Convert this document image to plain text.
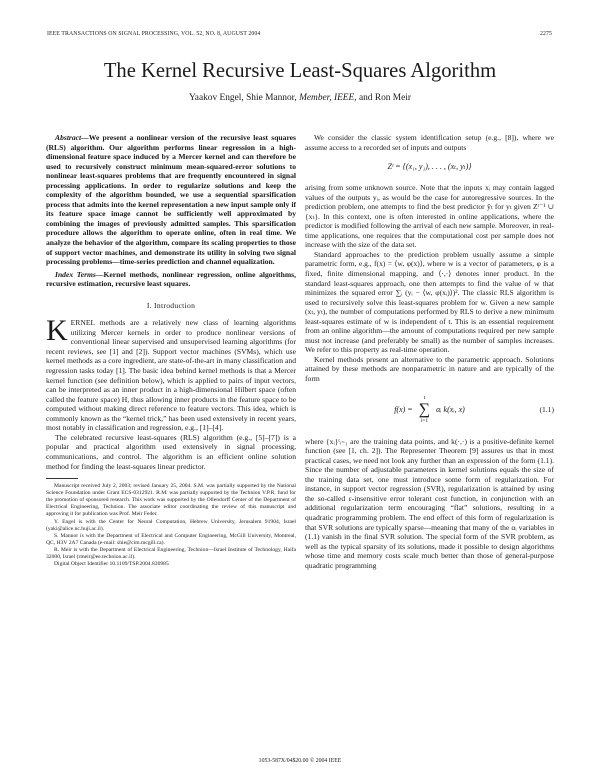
IEEE TRANSACTIONS ON SIGNAL PROCESSING, VOL. 52, NO. 8, AUGUST 2004	2275
The Kernel Recursive Least-Squares Algorithm
Yaakov Engel, Shie Mannor, Member, IEEE, and Ron Meir

Abstract—We present a nonlinear version of the recursive least squares (RLS) algorithm. Our algorithm performs linear regression in a high-dimensional feature space induced by a Mercer kernel and can therefore be used to recursively construct minimum mean-squared-error solutions to nonlinear least-squares problems that are frequently encountered in signal processing applications. In order to regularize solutions and keep the complexity of the algorithm bounded, we use a sequential sparsification process that admits into the kernel representation a new input sample only if its feature space image cannot be sufficiently well approximated by combining the images of previously admitted samples. This sparsification procedure allows the algorithm to operate online, often in real time. We analyze the behavior of the algorithm, compare its scaling properties to those of support vector machines, and demonstrate its utility in solving two signal processing problems—time-series prediction and channel equalization.

Index Terms—Kernel methods, nonlinear regression, online algorithms, recursive estimation, recursive least squares.

I. Introduction

KERNEL methods are a relatively new class of learning algorithms utilizing Mercer kernels in order to produce nonlinear versions of conventional linear supervised and unsupervised learning algorithms (for recent reviews, see [1] and [2]). Support vector machines (SVMs), which use kernel methods as a core ingredient, are state-of-the-art in many classification and regression tasks today [1]. The basic idea behind kernel methods is that a Mercer kernel function (see definition below), which is applied to pairs of input vectors, can be interpreted as an inner product in a high-dimensional Hilbert space (often called the feature space) H, thus allowing inner products in the feature space to be computed without making direct reference to feature vectors. This idea, which is commonly known as the “kernel trick,” has been used extensively in recent years, most notably in classification and regression, e.g., [1]–[4].

The celebrated recursive least-squares (RLS) algorithm (e.g., [5]–[7]) is a popular and practical algorithm used extensively in signal processing, communications, and control. The algorithm is an efficient online solution method for finding the least-squares linear predictor.

Manuscript received July 2, 2003; revised January 25, 2004. S.M. was partially supported by the National Science Foundation under Grant ECS-0312921. R.M. was partially supported by the Technion V.P.R. fund for the promotion of sponsored research. This work was supported by the Ollendorff Center of the Department of Electrical Engineering, Technion. The associate editor coordinating the review of this manuscript and approving it for publication was Prof. Meir Feder.

Y. Engel is with the Center for Neural Computation, Hebrew University, Jerusalem 91904, Israel (yaki@alice.nc.huji.ac.il).

S. Mannor is with the Department of Electrical and Computer Engineering, McGill University, Montreal, QC, H3V 2A7 Canada (e-mail: shie@cim.mcgill.ca).

R. Meir is with the Department of Electrical Engineering, Technion—Israel Institute of Technology, Haifa 32000, Israel (rmeir@ee.technion.ac.il).

Digital Object Identifier 10.1109/TSP.2004.830985

We consider the classic system identification setup (e.g., [8]), where we assume access to a recorded set of inputs and outputs

Zᵗ = {(x₁, y₁), . . . , (xₜ, yₜ)}

arising from some unknown source. Note that the inputs xᵢ may contain lagged values of the outputs yᵢ, as would be the case for autoregressive sources. In the prediction problem, one attempts to find the best predictor ŷₜ for yₜ given Zᵗ⁻¹ ∪ {xₜ}. In this context, one is often interested in online applications, where the predictor is modified following the arrival of each new sample. Moreover, in real-time applications, one requires that the computational cost per sample does not increase with the size of the data set.

Standard approaches to the prediction problem usually assume a simple parametric form, e.g., f(x) = ⟨w, φ(x)⟩, where w is a vector of parameters, φ is a fixed, finite dimensional mapping, and ⟨·,·⟩ denotes inner product. In the standard least-squares approach, one then attempts to find the value of w that minimizes the squared error ∑ᵢ (yᵢ − ⟨w, φ(xᵢ)⟩)². The classic RLS algorithm is used to recursively solve this least-squares problem for w. Given a new sample (xₜ, yₜ), the number of computations performed by RLS to derive a new minimum least-squares estimate of w is independent of t. This is an essential requirement from an online algorithm—the amount of computations required per new sample must not increase (and preferably be small) as the number of samples increases. We refer to this property as real-time operation.

Kernel methods present an alternative to the parametric approach. Solutions attained by these methods are nonparametric in nature and are typically of the form

f(x) =
t
∑
i=1
αᵢ k(xᵢ, x)	(1.1)

where {xᵢ}ᵗᵢ₌₁ are the training data points, and k(·,·) is a positive-definite kernel function (see [1, ch. 2]). The Representer Theorem [9] assures us that in most practical cases, we need not look any further than an expression of the form (1.1). Since the number of adjustable parameters in kernel solutions equals the size of the training data set, one must introduce some form of regularization. For instance, in support vector regression (SVR), regularization is attained by using the so-called ε-insensitive error tolerant cost function, in conjunction with an additional regularization term encouraging “flat” solutions, resulting in a quadratic programming problem. The end effect of this form of regularization is that SVR solutions are typically sparse—meaning that many of the αᵢ variables in (1.1) vanish in the final SVR solution. The special form of the SVR problem, as well as the typical sparsity of its solutions, made it possible to design algorithms whose time and memory costs scale much better than those of general-purpose quadratic programming

1053-587X/04$20.00 © 2004 IEEE
